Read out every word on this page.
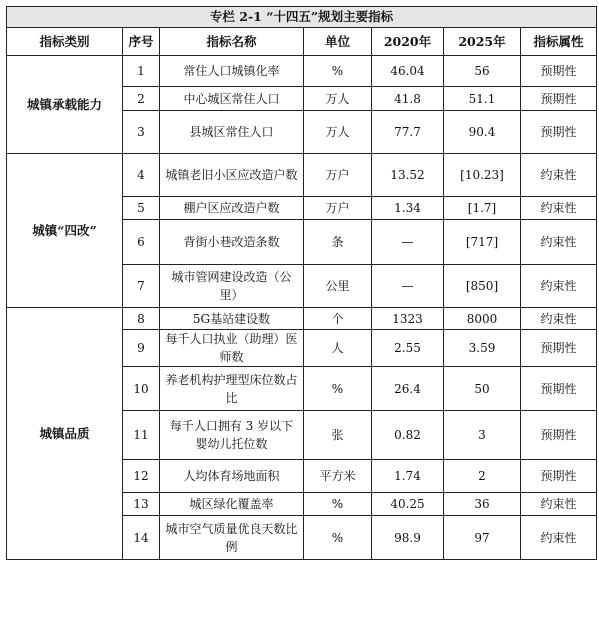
专栏 2-1 “十四五”规划主要指标						
指标类别	序号	指标名称	单位	2020年	2025年	指标属性
城镇承载能力	1	常住人口城镇化率	%	46.04	56	预期性
	2	中心城区常住人口	万人	41.8	51.1	预期性
	3	县城区常住人口	万人	77.7	90.4	预期性
城镇“四改”	4	城镇老旧小区应改造户数	万户	13.52	[10.23]	约束性
	5	棚户区应改造户数	万户	1.34	[1.7]	约束性
	6	背街小巷改造条数	条	—	[717]	约束性
	7	城市管网建设改造（公里）	公里	—	[850]	约束性
城镇品质	8	5G基站建设数	个	1323	8000	约束性
	9	每千人口执业（助理）医师数	人	2.55	3.59	预期性
	10	养老机构护理型床位数占比	%	26.4	50	预期性
	11	每千人口拥有 3 岁以下婴幼儿托位数	张	0.82	3	预期性
	12	人均体育场地面积	平方米	1.74	2	预期性
	13	城区绿化覆盖率	%	40.25	36	约束性
	14	城市空气质量优良天数比例	%	98.9	97	约束性
